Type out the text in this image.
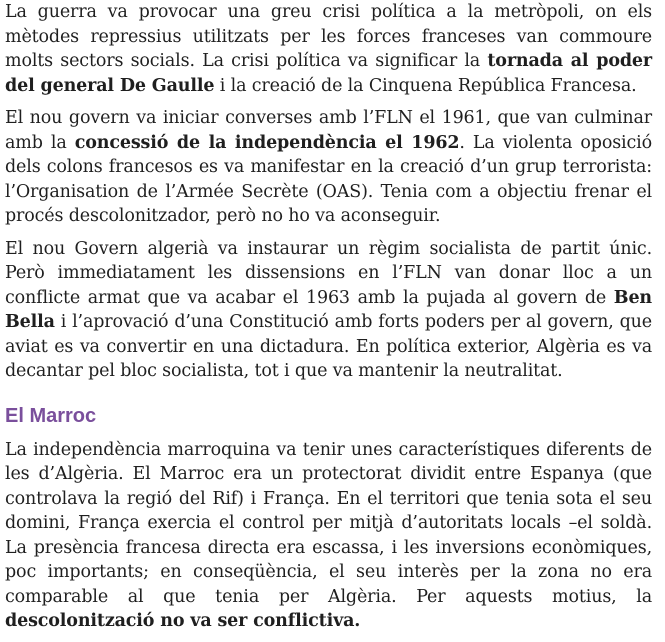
La guerra va provocar una greu crisi política a la metròpoli, on els mètodes repressius utilitzats per les forces franceses van commoure molts sectors socials. La crisi política va significar la tornada al poder del general De Gaulle i la creació de la Cinquena República Francesa.

El nou govern va iniciar converses amb l’FLN el 1961, que van culminar amb la concessió de la independència el 1962. La violenta oposició dels colons francesos es va manifestar en la creació d’un grup terrorista: l’Organisation de l’Armée Secrète (OAS). Tenia com a objectiu frenar el procés descolonitzador, però no ho va aconseguir.

El nou Govern algerià va instaurar un règim socialista de partit únic. Però immediatament les dissensions en l’FLN van donar lloc a un conflicte armat que va acabar el 1963 amb la pujada al govern de Ben Bella i l’aprovació d’una Constitució amb forts poders per al govern, que aviat es va convertir en una dictadura. En política exterior, Algèria es va decantar pel bloc socialista, tot i que va mantenir la neutralitat.

El Marroc

La independència marroquina va tenir unes característiques diferents de les d’Algèria. El Marroc era un protectorat dividit entre Espanya (que controlava la regió del Rif) i França. En el territori que tenia sota el seu domini, França exercia el control per mitjà d’autoritats locals –el soldà. La presència francesa directa era escassa, i les inversions econòmiques, poc importants; en conseqüència, el seu interès per la zona no era comparable al que tenia per Algèria. Per aquests motius, la descolonització no va ser conflictiva.
